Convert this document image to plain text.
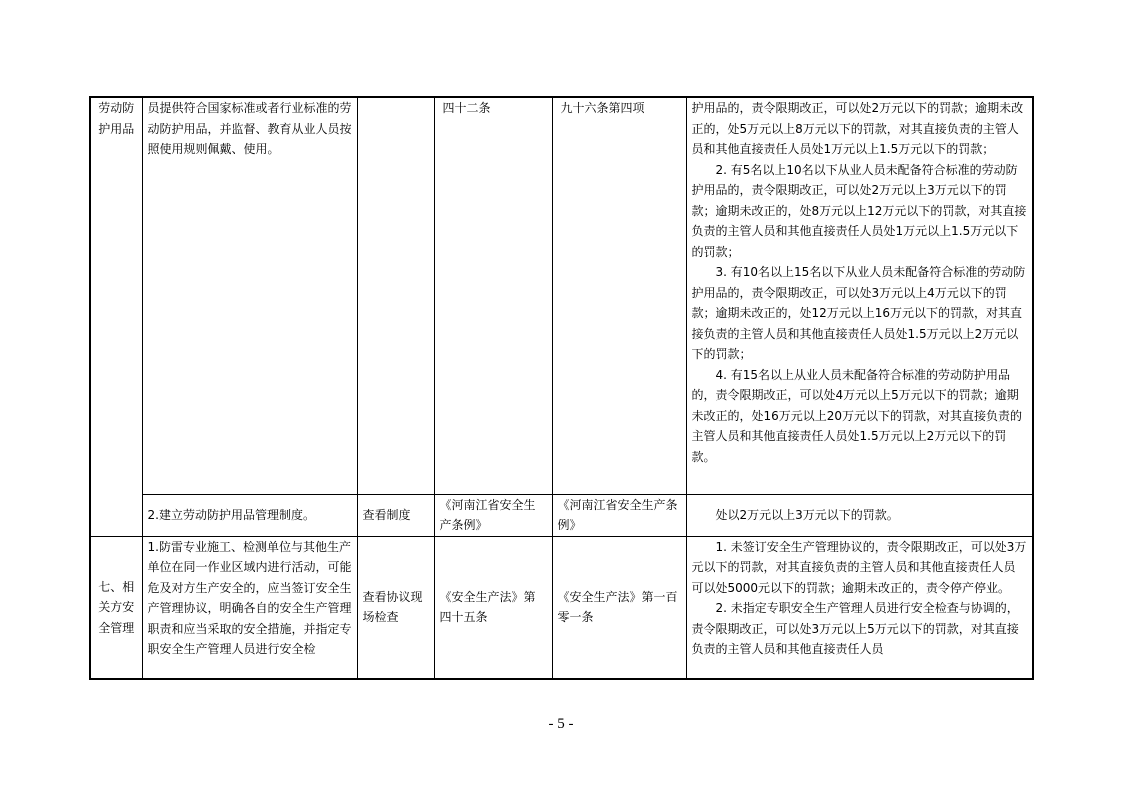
劳动防护用品	员提供符合国家标准或者行业标准的劳动防护用品，并监督、教育从业人员按照使用规则佩戴、使用。		四十二条	九十六条第四项	护用品的，责令限期改正，可以处2万元以下的罚款；逾期未改正的，处5万元以上8万元以下的罚款，对其直接负责的主管人员和其他直接责任人员处1万元以上1.5万元以下的罚款；

2. 有5名以上10名以下从业人员未配备符合标准的劳动防护用品的，责令限期改正，可以处2万元以上3万元以下的罚款；逾期未改正的，处8万元以上12万元以下的罚款，对其直接负责的主管人员和其他直接责任人员处1万元以上1.5万元以下的罚款；

3. 有10名以上15名以下从业人员未配备符合标准的劳动防护用品的，责令限期改正，可以处3万元以上4万元以下的罚款；逾期未改正的，处12万元以上16万元以下的罚款，对其直接负责的主管人员和其他直接责任人员处1.5万元以上2万元以下的罚款；

4. 有15名以上从业人员未配备符合标准的劳动防护用品的，责令限期改正，可以处4万元以上5万元以下的罚款；逾期未改正的，处16万元以上20万元以下的罚款，对其直接负责的主管人员和其他直接责任人员处1.5万元以上2万元以下的罚款。

	2.建立劳动防护用品管理制度。	查看制度	《河南江省安全生产条例》	《河南江省安全生产条例》	处以2万元以上3万元以下的罚款。
七、相关方安全管理	1.防雷专业施工、检测单位与其他生产单位在同一作业区域内进行活动，可能危及对方生产安全的，应当签订安全生产管理协议，明确各自的安全生产管理职责和应当采取的安全措施，并指定专职安全生产管理人员进行安全检	查看协议现场检查	《安全生产法》第四十五条	《安全生产法》第一百零一条	1. 未签订安全生产管理协议的，责令限期改正，可以处3万元以下的罚款，对其直接负责的主管人员和其他直接责任人员可以处5000元以下的罚款；逾期未改正的，责令停产停业。

2. 未指定专职安全生产管理人员进行安全检查与协调的，责令限期改正，可以处3万元以上5万元以下的罚款，对其直接负责的主管人员和其他直接责任人员

- 5 -
